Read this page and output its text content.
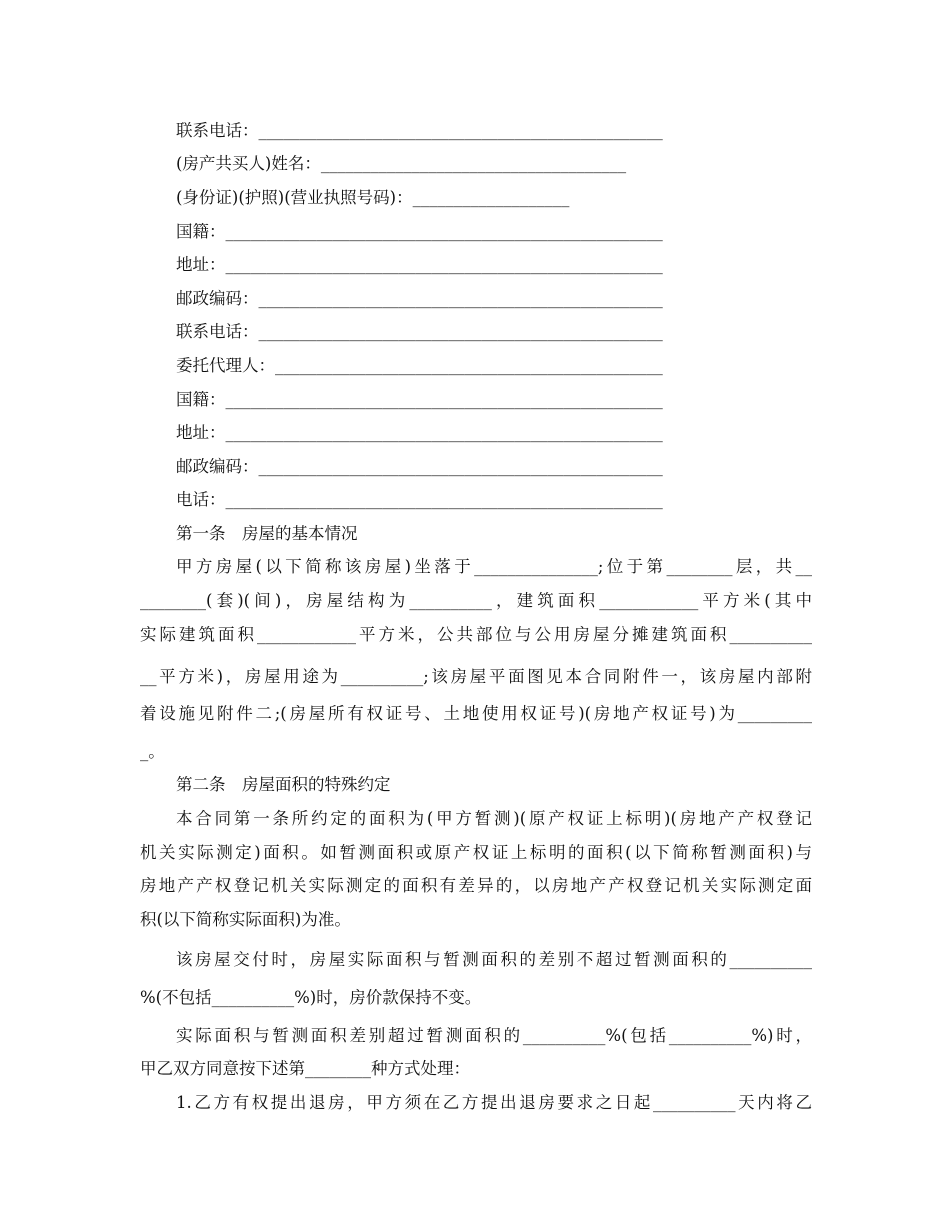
联系电话：_________________________________________________
(房产共买人)姓名：_____________________________________
(身份证)(护照)(营业执照号码)：___________________
国籍：_____________________________________________________
地址：_____________________________________________________
邮政编码：_________________________________________________
联系电话：_________________________________________________
委托代理人：_______________________________________________
国籍：_____________________________________________________
地址：_____________________________________________________
邮政编码：_________________________________________________
电话：_____________________________________________________
第一条　房屋的基本情况
甲方房屋(以下简称该房屋)坐落于_______________;位于第________层，共__
________(套)(间)，房屋结构为__________，建筑面积____________平方米(其中
实际建筑面积____________平方米，公共部位与公用房屋分摊建筑面积__________
__平方米)，房屋用途为__________;该房屋平面图见本合同附件一，该房屋内部附
着设施见附件二;(房屋所有权证号、土地使用权证号)(房地产权证号)为_________
_。
第二条　房屋面积的特殊约定
本合同第一条所约定的面积为(甲方暂测)(原产权证上标明)(房地产产权登记
机关实际测定)面积。如暂测面积或原产权证上标明的面积(以下简称暂测面积)与
房地产产权登记机关实际测定的面积有差异的，以房地产产权登记机关实际测定面
积(以下简称实际面积)为准。
该房屋交付时，房屋实际面积与暂测面积的差别不超过暂测面积的__________
%(不包括__________%)时，房价款保持不变。
实际面积与暂测面积差别超过暂测面积的__________%(包括__________%)时，
甲乙双方同意按下述第________种方式处理：
1.乙方有权提出退房，甲方须在乙方提出退房要求之日起__________天内将乙
